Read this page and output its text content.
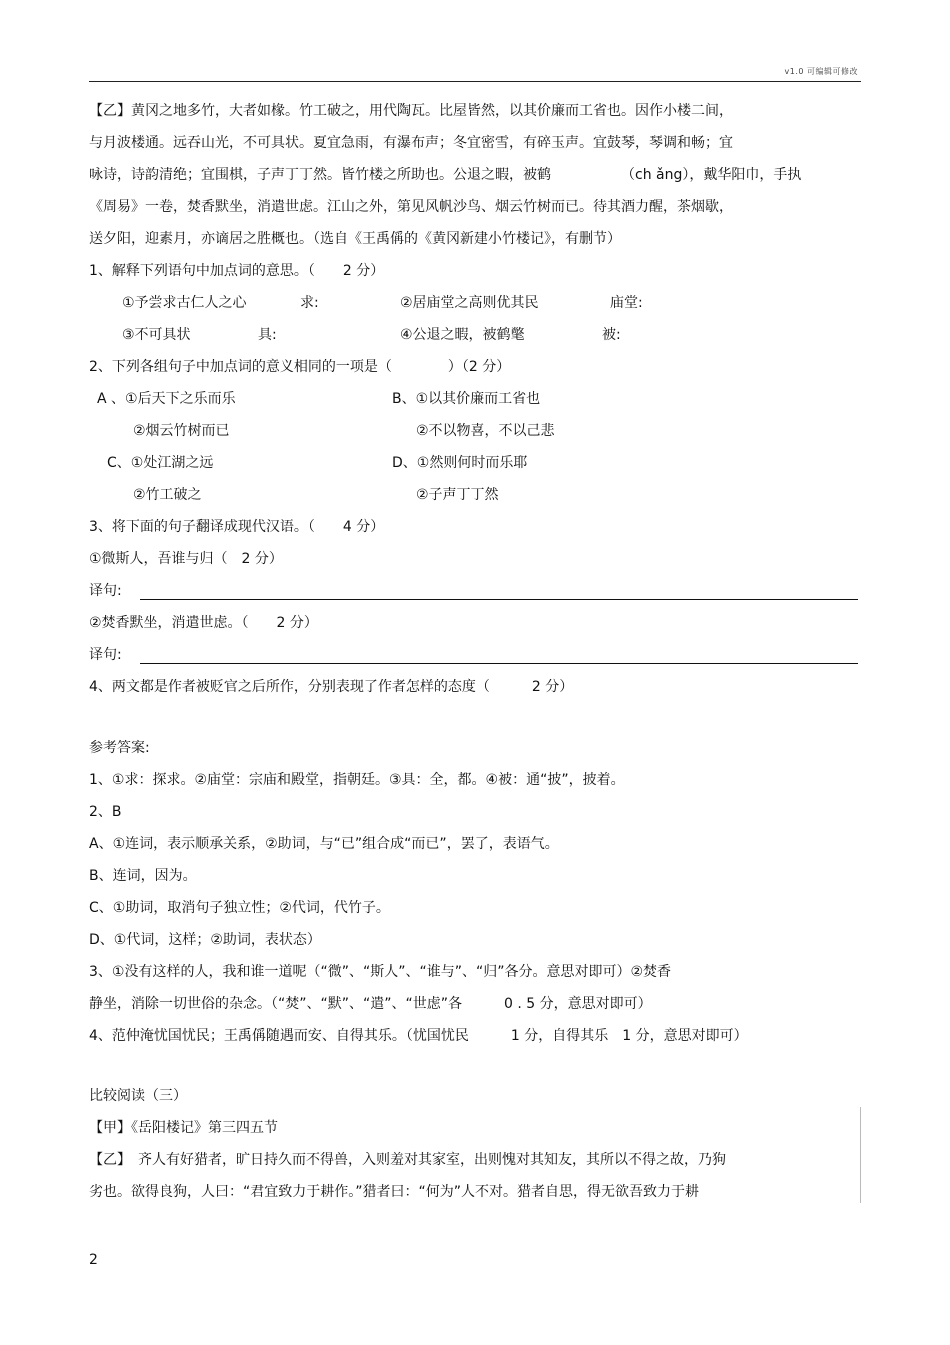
v1.0 可编辑可修改
【乙】黄冈之地多竹，大者如椽。竹工破之，用代陶瓦。比屋皆然，以其价廉而工省也。因作小楼二间，
与月波楼通。远吞山光，不可具状。夏宜急雨，有瀑布声；冬宜密雪，有碎玉声。宜鼓琴，琴调和畅；宜
咏诗，诗韵清绝；宜围棋，子声丁丁然。皆竹楼之所助也。公退之暇，被鹤	（ch ǎng），戴华阳巾，手执
《周易》一卷，焚香默坐，消遣世虑。江山之外，第见风帆沙鸟、烟云竹树而已。待其酒力醒，茶烟歇，
送夕阳，迎素月，亦谪居之胜概也。（选自《王禹偁的《黄冈新建小竹楼记》，有删节）
1、解释下列语句中加点词的意思。（　　2 分）
①予尝求古仁人之心	求:	②居庙堂之高则优其民	庙堂:
③不可具状	具:	④公退之暇，被鹤氅	被:
2、下列各组句子中加点词的意义相同的一项是（　　　　）（2 分）
A 、①后天下之乐而乐	B、①以其价廉而工省也
②烟云竹树而已	②不以物喜，不以己悲
C、①处江湖之远	D、①然则何时而乐耶
②竹工破之	②子声丁丁然
3、将下面的句子翻译成现代汉语。（　　4 分）
①微斯人，吾谁与归（　2 分）
译句:
②焚香默坐，消遣世虑。（　　2 分）
译句:
4、两文都是作者被贬官之后所作，分别表现了作者怎样的态度（　　　2 分）
参考答案:
1、①求：探求。②庙堂：宗庙和殿堂，指朝廷。③具：全，都。④被：通“披”，披着。
2、B
A、①连词，表示顺承关系，②助词，与“已”组合成“而已”，罢了，表语气。
B、连词，因为。
C、①助词，取消句子独立性；②代词，代竹子。
D、①代词，这样；②助词，表状态）
3、①没有这样的人，我和谁一道呢（“微”、“斯人”、“谁与”、“归”各分。意思对即可）②焚香
静坐，消除一切世俗的杂念。（“焚”、“默”、“遣”、“世虑”各　　　0 . 5 分，意思对即可）
4、范仲淹忧国忧民；王禹偁随遇而安、自得其乐。（忧国忧民　　　1 分，自得其乐　1 分，意思对即可）
比较阅读（三）
【甲】《岳阳楼记》第三四五节
【乙】　齐人有好猎者，旷日持久而不得兽，入则羞对其家室，出则愧对其知友，其所以不得之故，乃狗
劣也。欲得良狗，人曰：“君宜致力于耕作。”猎者曰：“何为”人不对。猎者自思，得无欲吾致力于耕
2
